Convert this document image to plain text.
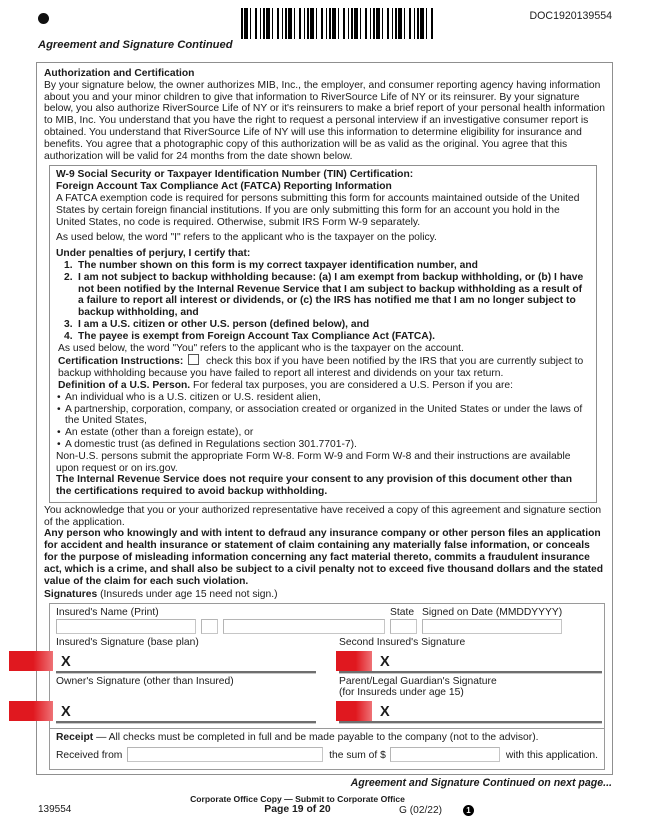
DOC1920139554
Agreement and Signature Continued

Authorization and Certification

By your signature below, the owner authorizes MIB, Inc., the employer, and consumer reporting agency having information about you and your minor children to give that information to RiverSource Life of NY or its reinsurer. By your signature below, you also authorize RiverSource Life of NY or it's reinsurers to make a brief report of your personal health information to MIB, Inc. You understand that you have the right to request a personal interview if an investigative consumer report is obtained. You understand that RiverSource Life of NY will use this information to determine eligibility for insurance and benefits. You agree that a photographic copy of this authorization will be as valid as the original. You agree that this authorization will be valid for 24 months from the date shown below.

W-9 Social Security or Taxpayer Identification Number (TIN) Certification:

Foreign Account Tax Compliance Act (FATCA) Reporting Information

A FATCA exemption code is required for persons submitting this form for accounts maintained outside of the United States by certain foreign financial institutions. If you are only submitting this form for an account you hold in the United States, no code is required. Otherwise, submit IRS Form W-9 separately.

As used below, the word "I" refers to the applicant who is the taxpayer on the policy.

Under penalties of perjury, I certify that:

1. The number shown on this form is my correct taxpayer identification number, and
2. I am not subject to backup withholding because: (a) I am exempt from backup withholding, or (b) I have not been notified by the Internal Revenue Service that I am subject to backup withholding as a result of a failure to report all interest or dividends, or (c) the IRS has notified me that I am no longer subject to backup withholding, and
3. I am a U.S. citizen or other U.S. person (defined below), and
4. The payee is exempt from Foreign Account Tax Compliance Act (FATCA).

As used below, the word "You" refers to the applicant who is the taxpayer on the account.

Certification Instructions: check this box if you have been notified by the IRS that you are currently subject to backup withholding because you have failed to report all interest and dividends on your tax return.

Definition of a U.S. Person. For federal tax purposes, you are considered a U.S. Person if you are:

• An individual who is a U.S. citizen or U.S. resident alien,
• A partnership, corporation, company, or association created or organized in the United States or under the laws of the United States,
• An estate (other than a foreign estate), or
• A domestic trust (as defined in Regulations section 301.7701-7).

Non-U.S. persons submit the appropriate Form W-8. Form W-9 and Form W-8 and their instructions are available upon request or on irs.gov.

The Internal Revenue Service does not require your consent to any provision of this document other than the certifications required to avoid backup withholding.

You acknowledge that you or your authorized representative have received a copy of this agreement and signature section of the application.

Any person who knowingly and with intent to defraud any insurance company or other person files an application for accident and health insurance or statement of claim containing any materially false information, or conceals for the purpose of misleading information concerning any fact material thereto, commits a fraudulent insurance act, which is a crime, and shall also be subject to a civil penalty not to exceed five thousand dollars and the stated value of the claim for each such violation.

Signatures (Insureds under age 15 need not sign.)

Insured's Name (Print)	State Signed on Date (MMDDYYYY)
Insured's Signature (base plan)
X
Second Insured's Signature
X
Owner's Signature (other than Insured)
X
Parent/Legal Guardian's Signature
(for Insureds under age 15)
X

Receipt — All checks must be completed in full and be made payable to the company (not to the advisor).

Received from	the sum of $	with this application.
Agreement and Signature Continued on next page...
139554
Corporate Office Copy — Submit to Corporate Office
Page 19 of 20	G (02/22)	1
